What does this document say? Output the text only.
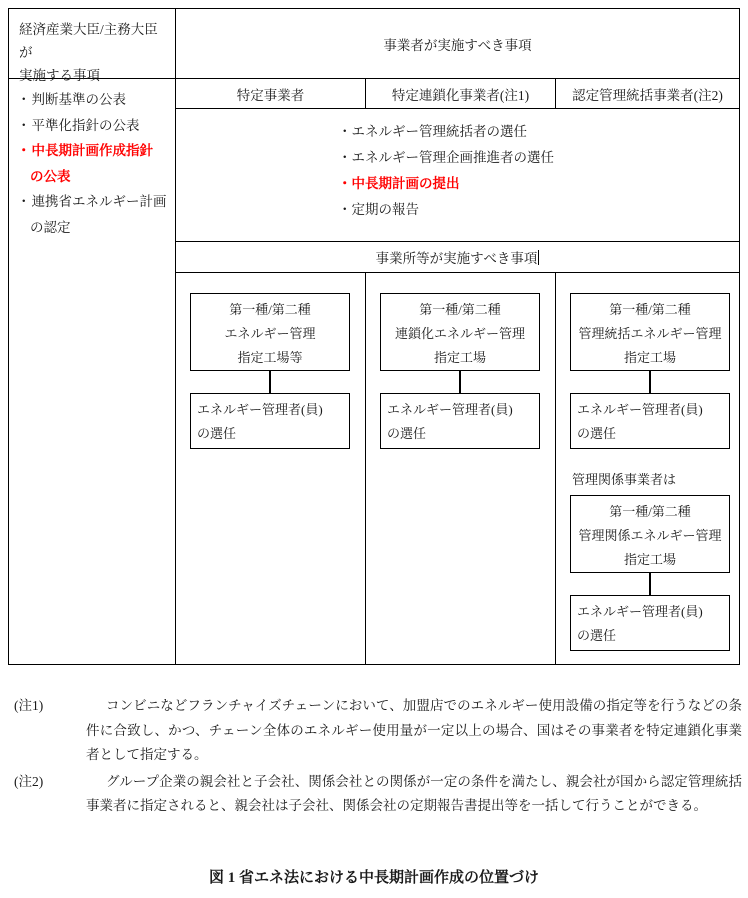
経済産業大臣/主務大臣が
実施する事項
・判断基準の公表
・平準化指針の公表
・中長期計画作成指針
の公表
・連携省エネルギー計画
の認定
事業者が実施すべき事項
特定事業者	特定連鎖化事業者(注1)	認定管理統括事業者(注2)
・エネルギー管理統括者の選任
・エネルギー管理企画推進者の選任
・中長期計画の提出
・定期の報告
事業所等が実施すべき事項
第一種/第二種
エネルギー管理
指定工場等
エネルギー管理者(員)
の選任
第一種/第二種
連鎖化エネルギー管理
指定工場
エネルギー管理者(員)
の選任
第一種/第二種
管理統括エネルギー管理
指定工場
エネルギー管理者(員)
の選任
管理関係事業者は
第一種/第二種
管理関係エネルギー管理
指定工場
エネルギー管理者(員)
の選任
(注1)	コンビニなどフランチャイズチェーンにおいて、加盟店でのエネルギー使用設備の指定等を行うなどの条件に合致し、かつ、チェーン全体のエネルギー使用量が一定以上の場合、国はその事業者を特定連鎖化事業者として指定する。
(注2)	グループ企業の親会社と子会社、関係会社との関係が一定の条件を満たし、親会社が国から認定管理統括事業者に指定されると、親会社は子会社、関係会社の定期報告書提出等を一括して行うことができる。
図 1 省エネ法における中長期計画作成の位置づけ
